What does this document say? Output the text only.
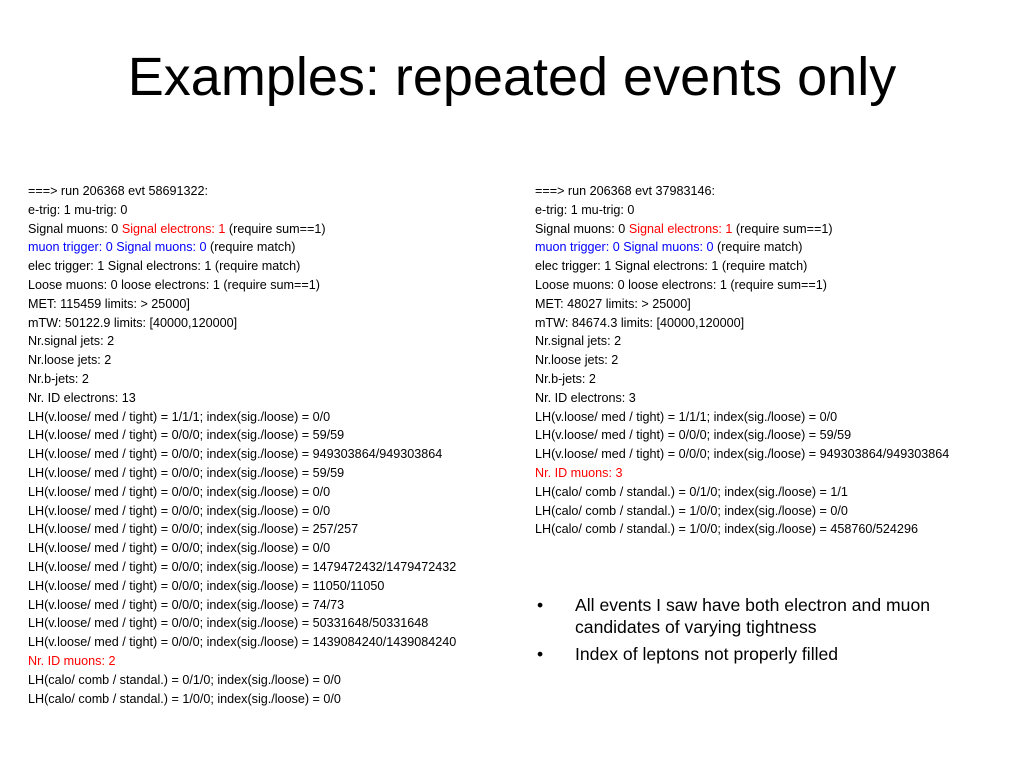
Examples: repeated events only
===> run 206368 evt 58691322:
e-trig: 1 mu-trig: 0
Signal muons: 0 Signal electrons: 1 (require sum==1)
muon trigger: 0 Signal muons: 0 (require match)
elec trigger: 1 Signal electrons: 1 (require match)
Loose muons: 0 loose electrons: 1 (require sum==1)
MET: 115459 limits: > 25000]
mTW: 50122.9 limits: [40000,120000]
Nr.signal jets: 2
Nr.loose jets: 2
Nr.b-jets: 2
Nr. ID electrons: 13
LH(v.loose/ med / tight) = 1/1/1; index(sig./loose) = 0/0
LH(v.loose/ med / tight) = 0/0/0; index(sig./loose) = 59/59
LH(v.loose/ med / tight) = 0/0/0; index(sig./loose) = 949303864/949303864
LH(v.loose/ med / tight) = 0/0/0; index(sig./loose) = 59/59
LH(v.loose/ med / tight) = 0/0/0; index(sig./loose) = 0/0
LH(v.loose/ med / tight) = 0/0/0; index(sig./loose) = 0/0
LH(v.loose/ med / tight) = 0/0/0; index(sig./loose) = 257/257
LH(v.loose/ med / tight) = 0/0/0; index(sig./loose) = 0/0
LH(v.loose/ med / tight) = 0/0/0; index(sig./loose) = 1479472432/1479472432
LH(v.loose/ med / tight) = 0/0/0; index(sig./loose) = 11050/11050
LH(v.loose/ med / tight) = 0/0/0; index(sig./loose) = 74/73
LH(v.loose/ med / tight) = 0/0/0; index(sig./loose) = 50331648/50331648
LH(v.loose/ med / tight) = 0/0/0; index(sig./loose) = 1439084240/1439084240
Nr. ID muons: 2
LH(calo/ comb / standal.) = 0/1/0; index(sig./loose) = 0/0
LH(calo/ comb / standal.) = 1/0/0; index(sig./loose) = 0/0
===> run 206368 evt 37983146:
e-trig: 1 mu-trig: 0
Signal muons: 0 Signal electrons: 1 (require sum==1)
muon trigger: 0 Signal muons: 0 (require match)
elec trigger: 1 Signal electrons: 1 (require match)
Loose muons: 0 loose electrons: 1 (require sum==1)
MET: 48027 limits: > 25000]
mTW: 84674.3 limits: [40000,120000]
Nr.signal jets: 2
Nr.loose jets: 2
Nr.b-jets: 2
Nr. ID electrons: 3
LH(v.loose/ med / tight) = 1/1/1; index(sig./loose) = 0/0
LH(v.loose/ med / tight) = 0/0/0; index(sig./loose) = 59/59
LH(v.loose/ med / tight) = 0/0/0; index(sig./loose) = 949303864/949303864
Nr. ID muons: 3
LH(calo/ comb / standal.) = 0/1/0; index(sig./loose) = 1/1
LH(calo/ comb / standal.) = 1/0/0; index(sig./loose) = 0/0
LH(calo/ comb / standal.) = 1/0/0; index(sig./loose) = 458760/524296
•	All events I saw have both electron and muon candidates of varying tightness
•	Index of leptons not properly filled
